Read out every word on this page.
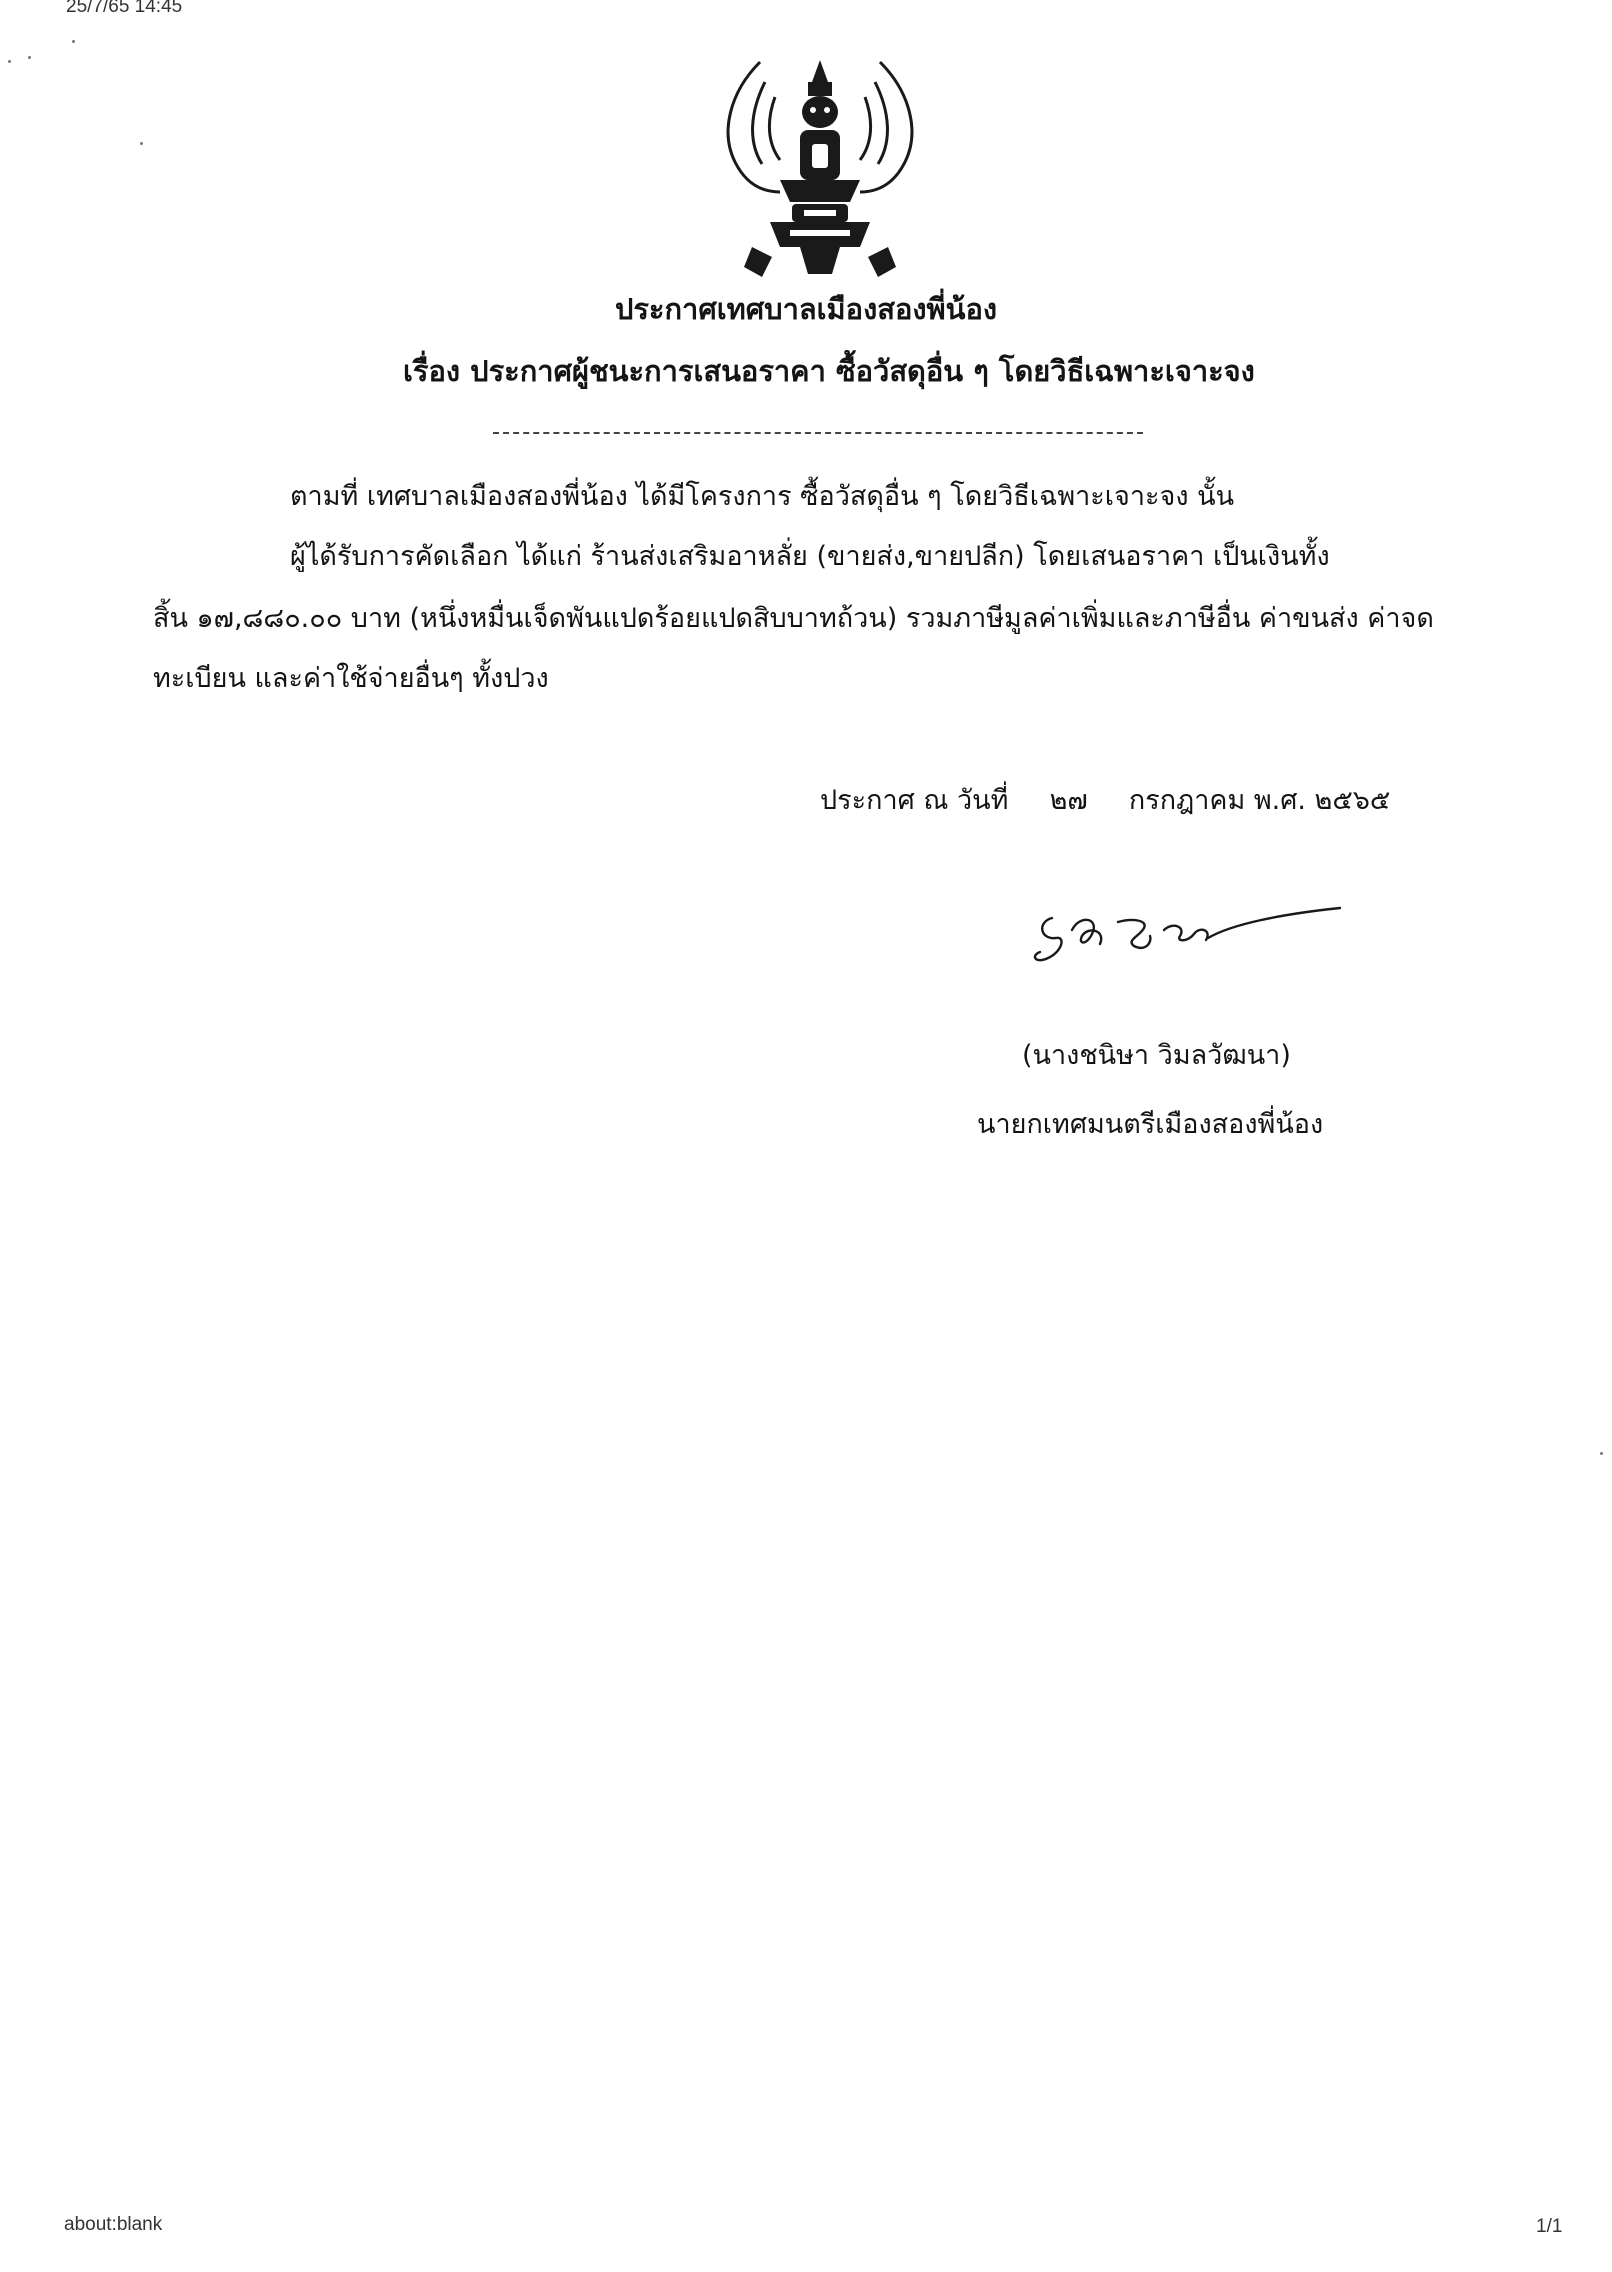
25/7/65 14:45
ประกาศเทศบาลเมืองสองพี่น้อง
เรื่อง ประกาศผู้ชนะการเสนอราคา ซื้อวัสดุอื่น ๆ โดยวิธีเฉพาะเจาะจง
ตามที่ เทศบาลเมืองสองพี่น้อง ได้มีโครงการ ซื้อวัสดุอื่น ๆ โดยวิธีเฉพาะเจาะจง นั้น
ผู้ได้รับการคัดเลือก ได้แก่ ร้านส่งเสริมอาหลั่ย (ขายส่ง,ขายปลีก) โดยเสนอราคา เป็นเงินทั้ง
สิ้น ๑๗,๘๘๐.๐๐ บาท (หนึ่งหมื่นเจ็ดพันแปดร้อยแปดสิบบาทถ้วน) รวมภาษีมูลค่าเพิ่มและภาษีอื่น ค่าขนส่ง ค่าจด
ทะเบียน และค่าใช้จ่ายอื่นๆ ทั้งปวง
ประกาศ ณ วันที่ ๒๗ กรกฎาคม พ.ศ. ๒๕๖๕
(นางชนิษา วิมลวัฒนา)
นายกเทศมนตรีเมืองสองพี่น้อง
about:blank	1/1
